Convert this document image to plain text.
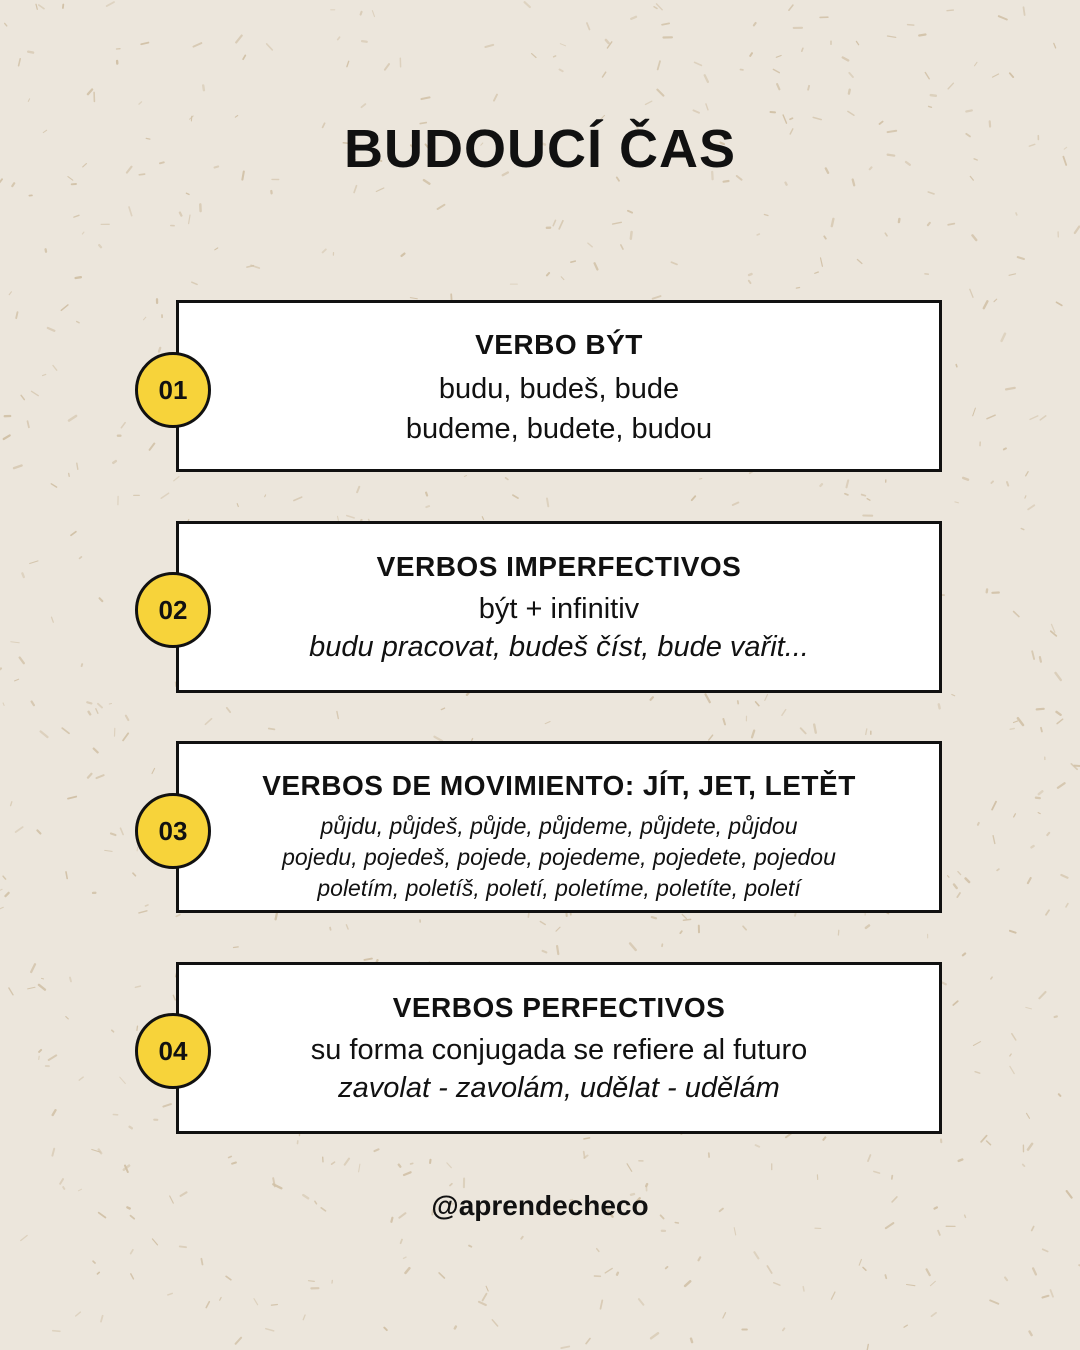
BUDOUCÍ ČAS
VERBO BÝT
budu, budeš, bude
budeme, budete, budou
01
VERBOS IMPERFECTIVOS
být + infinitiv
budu pracovat, budeš číst, bude vařit...
02
VERBOS DE MOVIMIENTO: JÍT, JET, LETĚT
půjdu, půjdeš, půjde, půjdeme, půjdete, půjdou
pojedu, pojedeš, pojede, pojedeme, pojedete, pojedou
poletím, poletíš, poletí, poletíme, poletíte, poletí
03
VERBOS PERFECTIVOS
su forma conjugada se refiere al futuro
zavolat - zavolám, udělat - udělám
04
@aprendecheco
